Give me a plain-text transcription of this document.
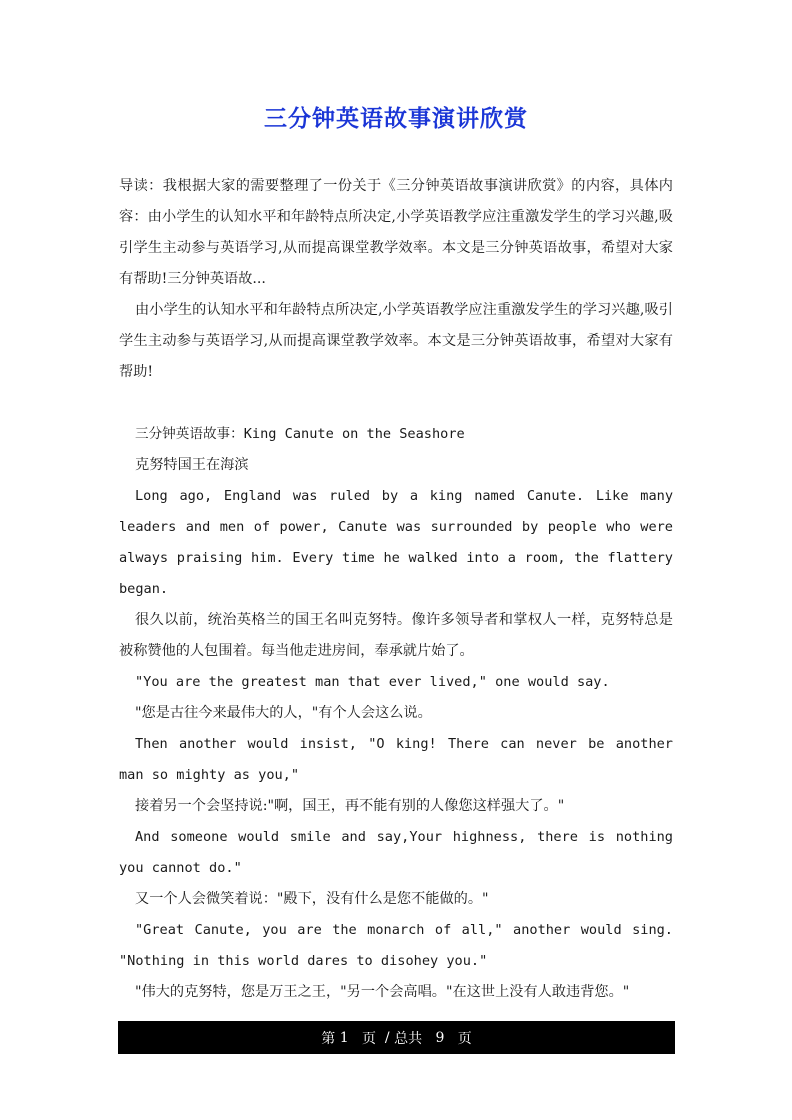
三分钟英语故事演讲欣赏

导读：我根据大家的需要整理了一份关于《三分钟英语故事演讲欣赏》的内容，具体内容：由小学生的认知水平和年龄特点所决定,小学英语教学应注重激发学生的学习兴趣,吸引学生主动参与英语学习,从而提高课堂教学效率。本文是三分钟英语故事，希望对大家有帮助!三分钟英语故...

由小学生的认知水平和年龄特点所决定,小学英语教学应注重激发学生的学习兴趣,吸引学生主动参与英语学习,从而提高课堂教学效率。本文是三分钟英语故事，希望对大家有帮助!

三分钟英语故事：King Canute on the Seashore

克努特国王在海滨

Long ago, England was ruled by a king named Canute. Like many leaders and men of power, Canute was surrounded by people who were always praising him. Every time he walked into a room, the flattery began.

很久以前，统治英格兰的国王名叫克努特。像许多领导者和掌权人一样，克努特总是被称赞他的人包围着。每当他走进房间，奉承就片始了。

"You are the greatest man that ever lived," one would say.

"您是古往今来最伟大的人，"有个人会这么说。

Then another would insist, "O king! There can never be another man so mighty as you,"

接着另一个会坚持说:"啊，国王，再不能有别的人像您这样强大了。"

And someone would smile and say,Your highness, there is nothing you cannot do."

又一个人会微笑着说："殿下，没有什么是您不能做的。"

"Great Canute, you are the monarch of all," another would sing. "Nothing in this world dares to disohey you."

"伟大的克努特，您是万王之王，"另一个会高唱。"在这世上没有人敢违背您。"

第
1
页
/
总共
9
页
